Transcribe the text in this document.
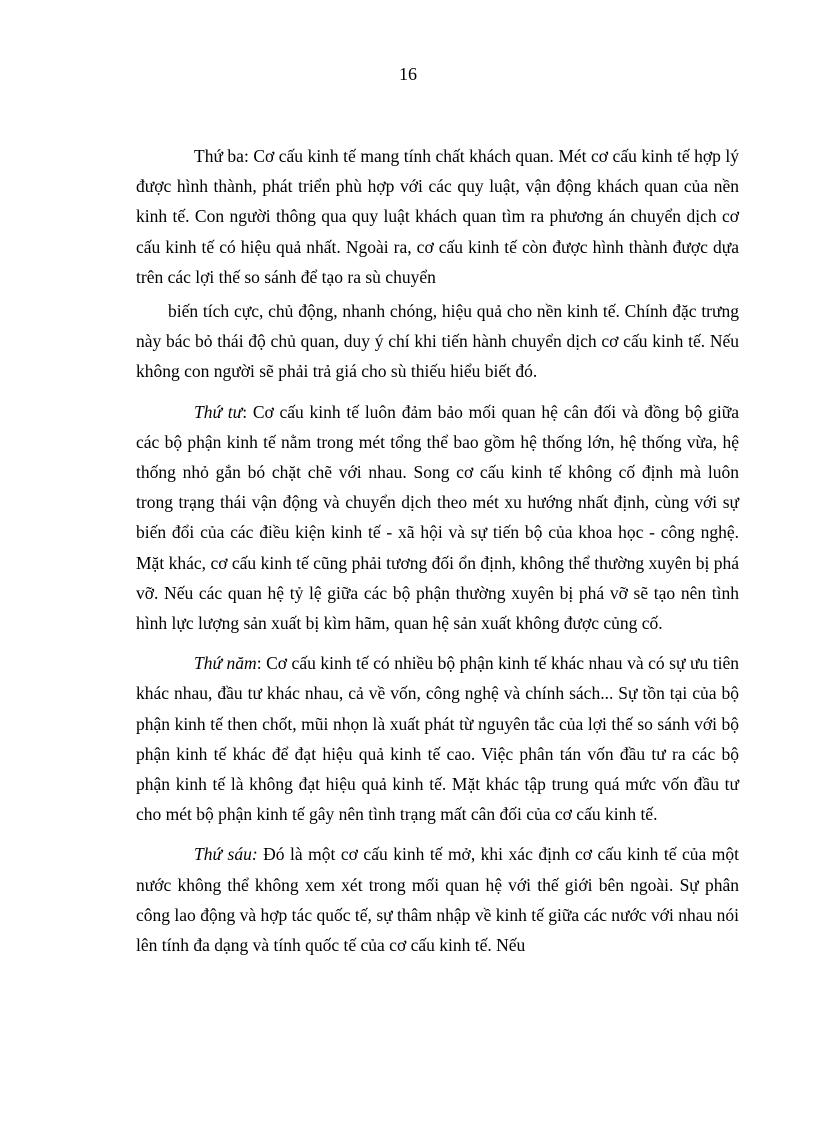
16

Thứ ba: Cơ cấu kinh tế mang tính chất khách quan. Mét cơ cấu kinh tế hợp lý được hình thành, phát triển phù hợp với các quy luật, vận động khách quan của nền kinh tế. Con người thông qua quy luật khách quan tìm ra phương án chuyển dịch cơ cấu kinh tế có hiệu quả nhất. Ngoài ra, cơ cấu kinh tế còn được hình thành được dựa trên các lợi thế so sánh để tạo ra sù chuyển

biến tích cực, chủ động, nhanh chóng, hiệu quả cho nền kinh tế. Chính đặc trưng này bác bỏ thái độ chủ quan, duy ý chí khi tiến hành chuyển dịch cơ cấu kinh tế. Nếu không con người sẽ phải trả giá cho sù thiếu hiểu biết đó.

Thứ tư: Cơ cấu kinh tế luôn đảm bảo mối quan hệ cân đối và đồng bộ giữa các bộ phận kinh tế nằm trong mét tổng thể bao gồm hệ thống lớn, hệ thống vừa, hệ thống nhỏ gắn bó chặt chẽ với nhau. Song cơ cấu kinh tế không cố định mà luôn trong trạng thái vận động và chuyển dịch theo mét xu hướng nhất định, cùng với sự biến đổi của các điều kiện kinh tế - xã hội và sự tiến bộ của khoa học - công nghệ. Mặt khác, cơ cấu kinh tế cũng phải tương đối ổn định, không thể thường xuyên bị phá vỡ. Nếu các quan hệ tỷ lệ giữa các bộ phận thường xuyên bị phá vỡ sẽ tạo nên tình hình lực lượng sản xuất bị kìm hãm, quan hệ sản xuất không được củng cố.

Thứ năm: Cơ cấu kinh tế có nhiều bộ phận kinh tế khác nhau và có sự ưu tiên khác nhau, đầu tư khác nhau, cả về vốn, công nghệ và chính sách... Sự tồn tại của bộ phận kinh tế then chốt, mũi nhọn là xuất phát từ nguyên tắc của lợi thế so sánh với bộ phận kinh tế khác để đạt hiệu quả kinh tế cao. Việc phân tán vốn đầu tư ra các bộ phận kinh tế là không đạt hiệu quả kinh tế. Mặt khác tập trung quá mức vốn đầu tư cho mét bộ phận kinh tế gây nên tình trạng mất cân đối của cơ cấu kinh tế.

Thứ sáu: Đó là một cơ cấu kinh tế mở, khi xác định cơ cấu kinh tế của một nước không thể không xem xét trong mối quan hệ với thế giới bên ngoài. Sự phân công lao động và hợp tác quốc tế, sự thâm nhập về kinh tế giữa các nước với nhau nói lên tính đa dạng và tính quốc tế của cơ cấu kinh tế. Nếu
